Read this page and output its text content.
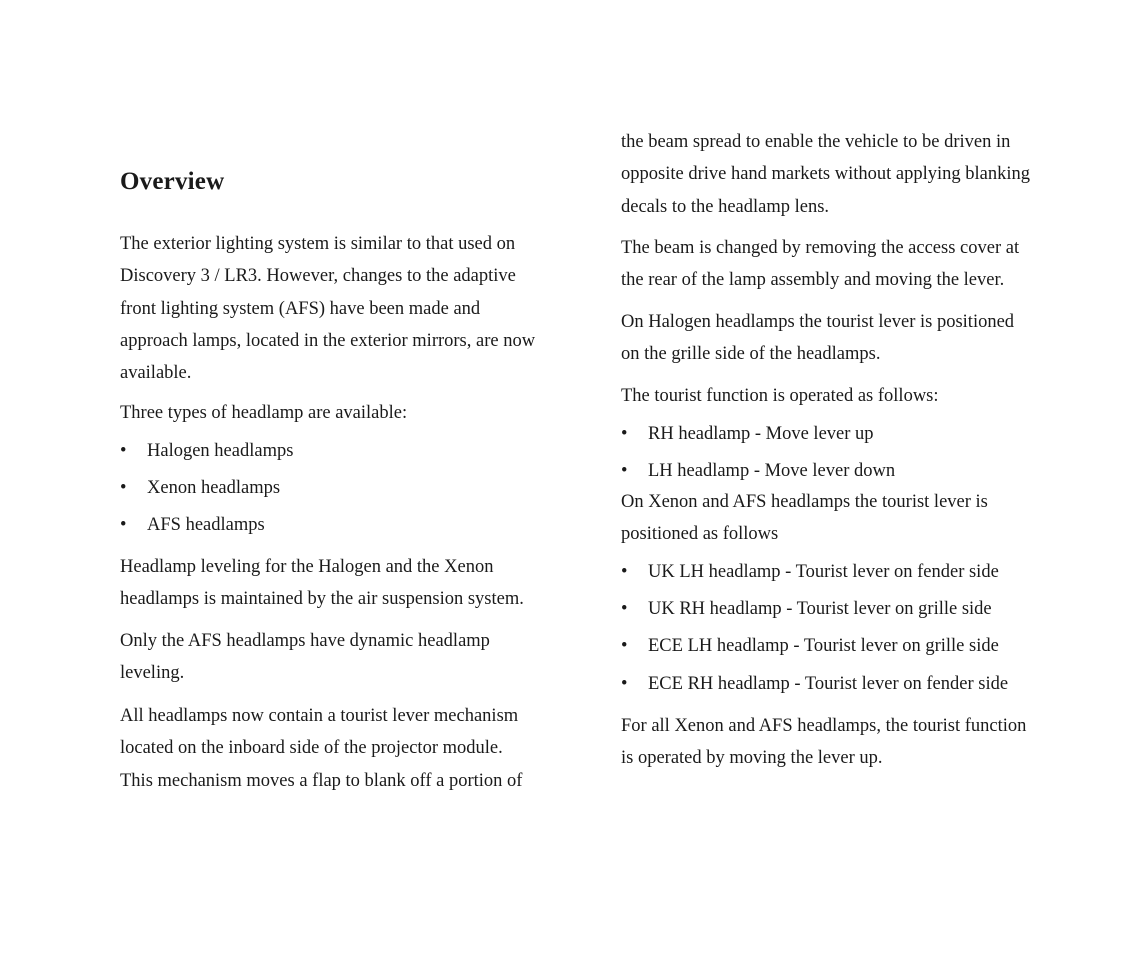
Overview

The exterior lighting system is similar to that used on
Discovery 3 / LR3. However, changes to the adaptive
front lighting system (AFS) have been made and
approach lamps, located in the exterior mirrors, are now
available.

Three types of headlamp are available:

• Halogen headlamps
• Xenon headlamps
• AFS headlamps

Headlamp leveling for the Halogen and the Xenon
headlamps is maintained by the air suspension system.

Only the AFS headlamps have dynamic headlamp
leveling.

All headlamps now contain a tourist lever mechanism
located on the inboard side of the projector module.
This mechanism moves a flap to blank off a portion of

the beam spread to enable the vehicle to be driven in
opposite drive hand markets without applying blanking
decals to the headlamp lens.

The beam is changed by removing the access cover at
the rear of the lamp assembly and moving the lever.

On Halogen headlamps the tourist lever is positioned
on the grille side of the headlamps.

The tourist function is operated as follows:

• RH headlamp - Move lever up
• LH headlamp - Move lever down

On Xenon and AFS headlamps the tourist lever is
positioned as follows

• UK LH headlamp - Tourist lever on fender side
• UK RH headlamp - Tourist lever on grille side
• ECE LH headlamp - Tourist lever on grille side
• ECE RH headlamp - Tourist lever on fender side

For all Xenon and AFS headlamps, the tourist function
is operated by moving the lever up.
